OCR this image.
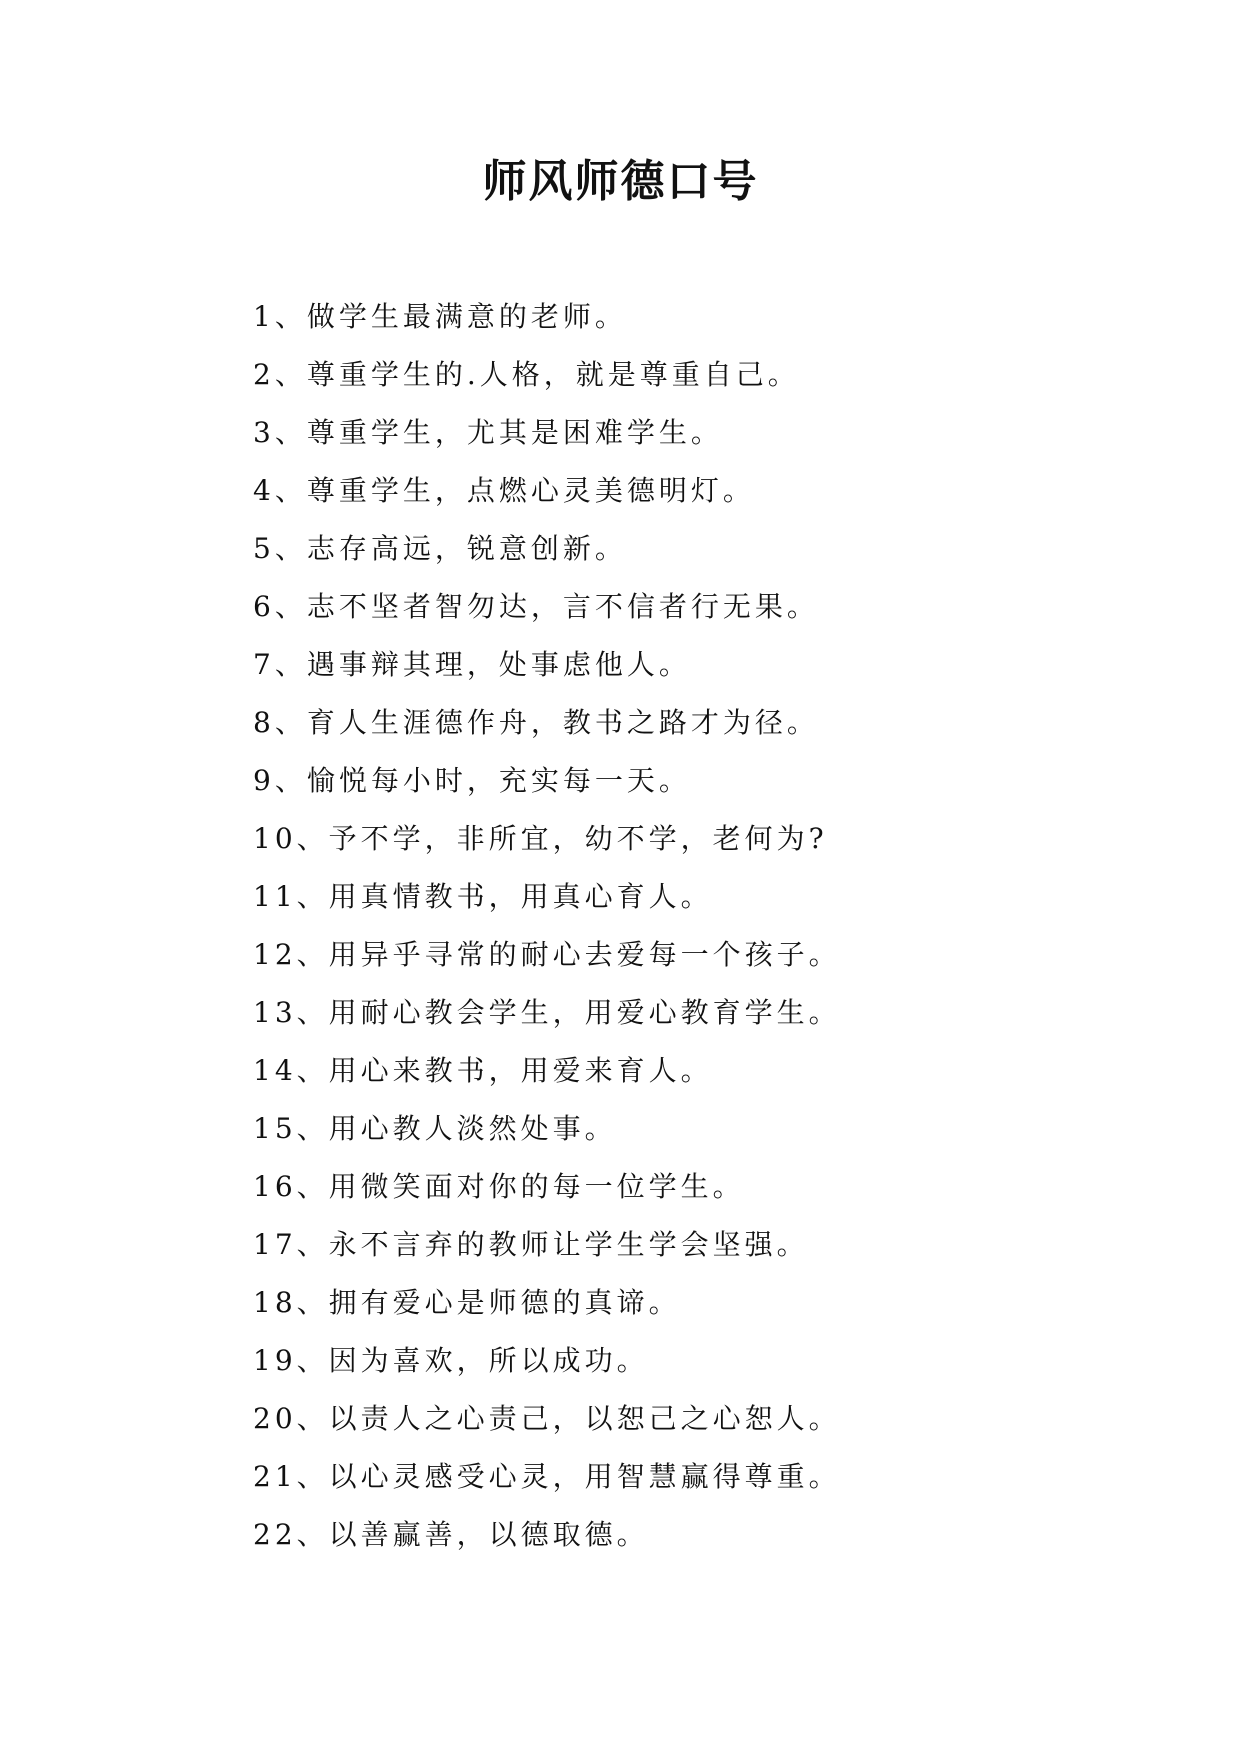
师风师德口号
1、做学生最满意的老师。
2、尊重学生的.人格，就是尊重自己。
3、尊重学生，尤其是困难学生。
4、尊重学生，点燃心灵美德明灯。
5、志存高远，锐意创新。
6、志不坚者智勿达，言不信者行无果。
7、遇事辩其理，处事虑他人。
8、育人生涯德作舟，教书之路才为径。
9、愉悦每小时，充实每一天。
10、予不学，非所宜，幼不学，老何为?
11、用真情教书，用真心育人。
12、用异乎寻常的耐心去爱每一个孩子。
13、用耐心教会学生，用爱心教育学生。
14、用心来教书，用爱来育人。
15、用心教人淡然处事。
16、用微笑面对你的每一位学生。
17、永不言弃的教师让学生学会坚强。
18、拥有爱心是师德的真谛。
19、因为喜欢，所以成功。
20、以责人之心责己，以恕己之心恕人。
21、以心灵感受心灵，用智慧赢得尊重。
22、以善赢善，以德取德。
